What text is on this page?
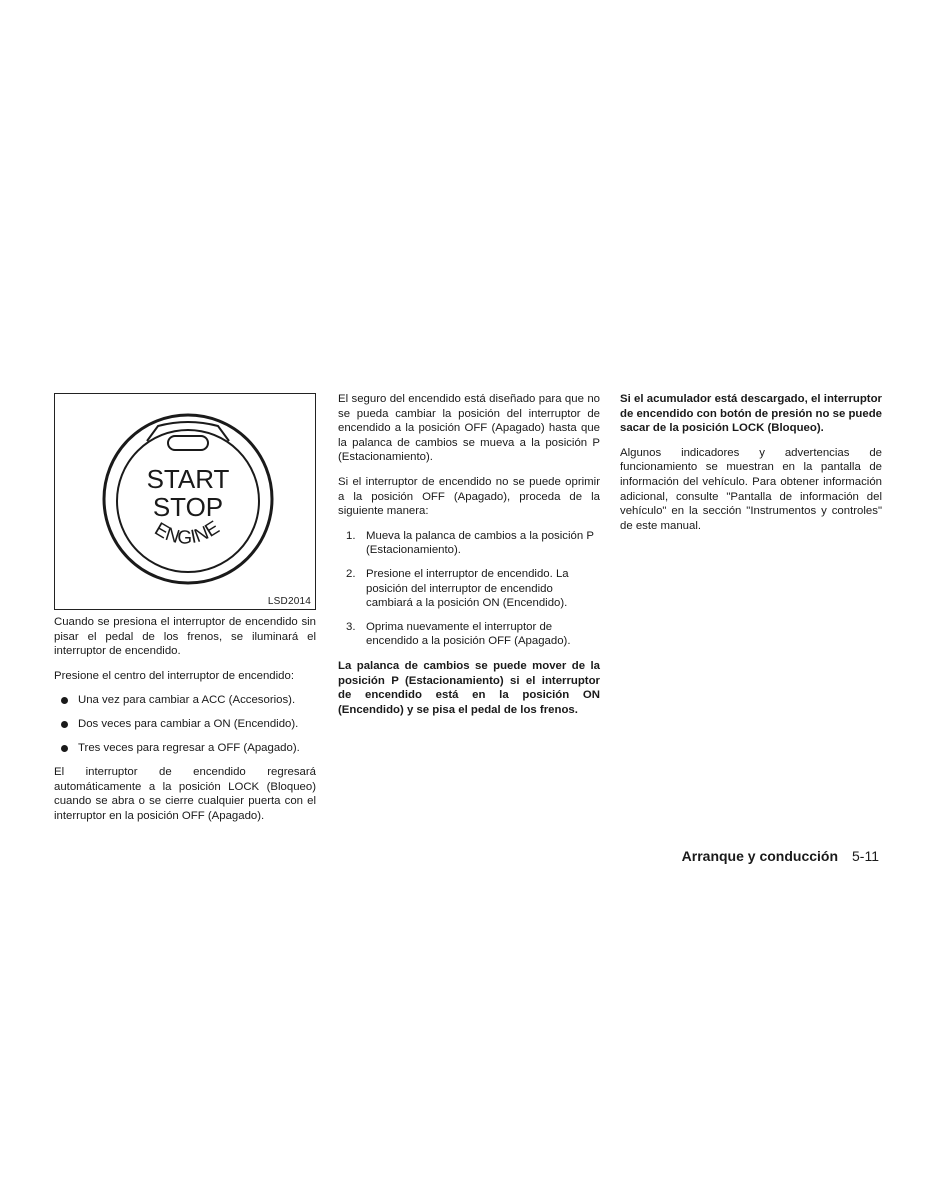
START
STOP
ENGINE
LSD2014

Cuando se presiona el interruptor de encendido sin pisar el pedal de los frenos, se iluminará el interruptor de encendido.

Presione el centro del interruptor de encendido:

Una vez para cambiar a ACC (Accesorios).
Dos veces para cambiar a ON (Encendido).
Tres veces para regresar a OFF (Apagado).

El interruptor de encendido regresará automáticamente a la posición LOCK (Bloqueo) cuando se abra o se cierre cualquier puerta con el interruptor en la posición OFF (Apagado).

El seguro del encendido está diseñado para que no se pueda cambiar la posición del interruptor de encendido a la posición OFF (Apagado) hasta que la palanca de cambios se mueva a la posición P (Estacionamiento).

Si el interruptor de encendido no se puede oprimir a la posición OFF (Apagado), proceda de la siguiente manera:

1. Mueva la palanca de cambios a la posición P (Estacionamiento).
2. Presione el interruptor de encendido. La posición del interruptor de encendido cambiará a la posición ON (Encendido).
3. Oprima nuevamente el interruptor de encendido a la posición OFF (Apagado).

La palanca de cambios se puede mover de la posición P (Estacionamiento) si el interruptor de encendido está en la posición ON (Encendido) y se pisa el pedal de los frenos.

Si el acumulador está descargado, el interruptor de encendido con botón de presión no se puede sacar de la posición LOCK (Bloqueo).

Algunos indicadores y advertencias de funcionamiento se muestran en la pantalla de información del vehículo. Para obtener información adicional, consulte "Pantalla de información del vehículo" en la sección "Instrumentos y controles" de este manual.

Arranque y conducción 5-11
